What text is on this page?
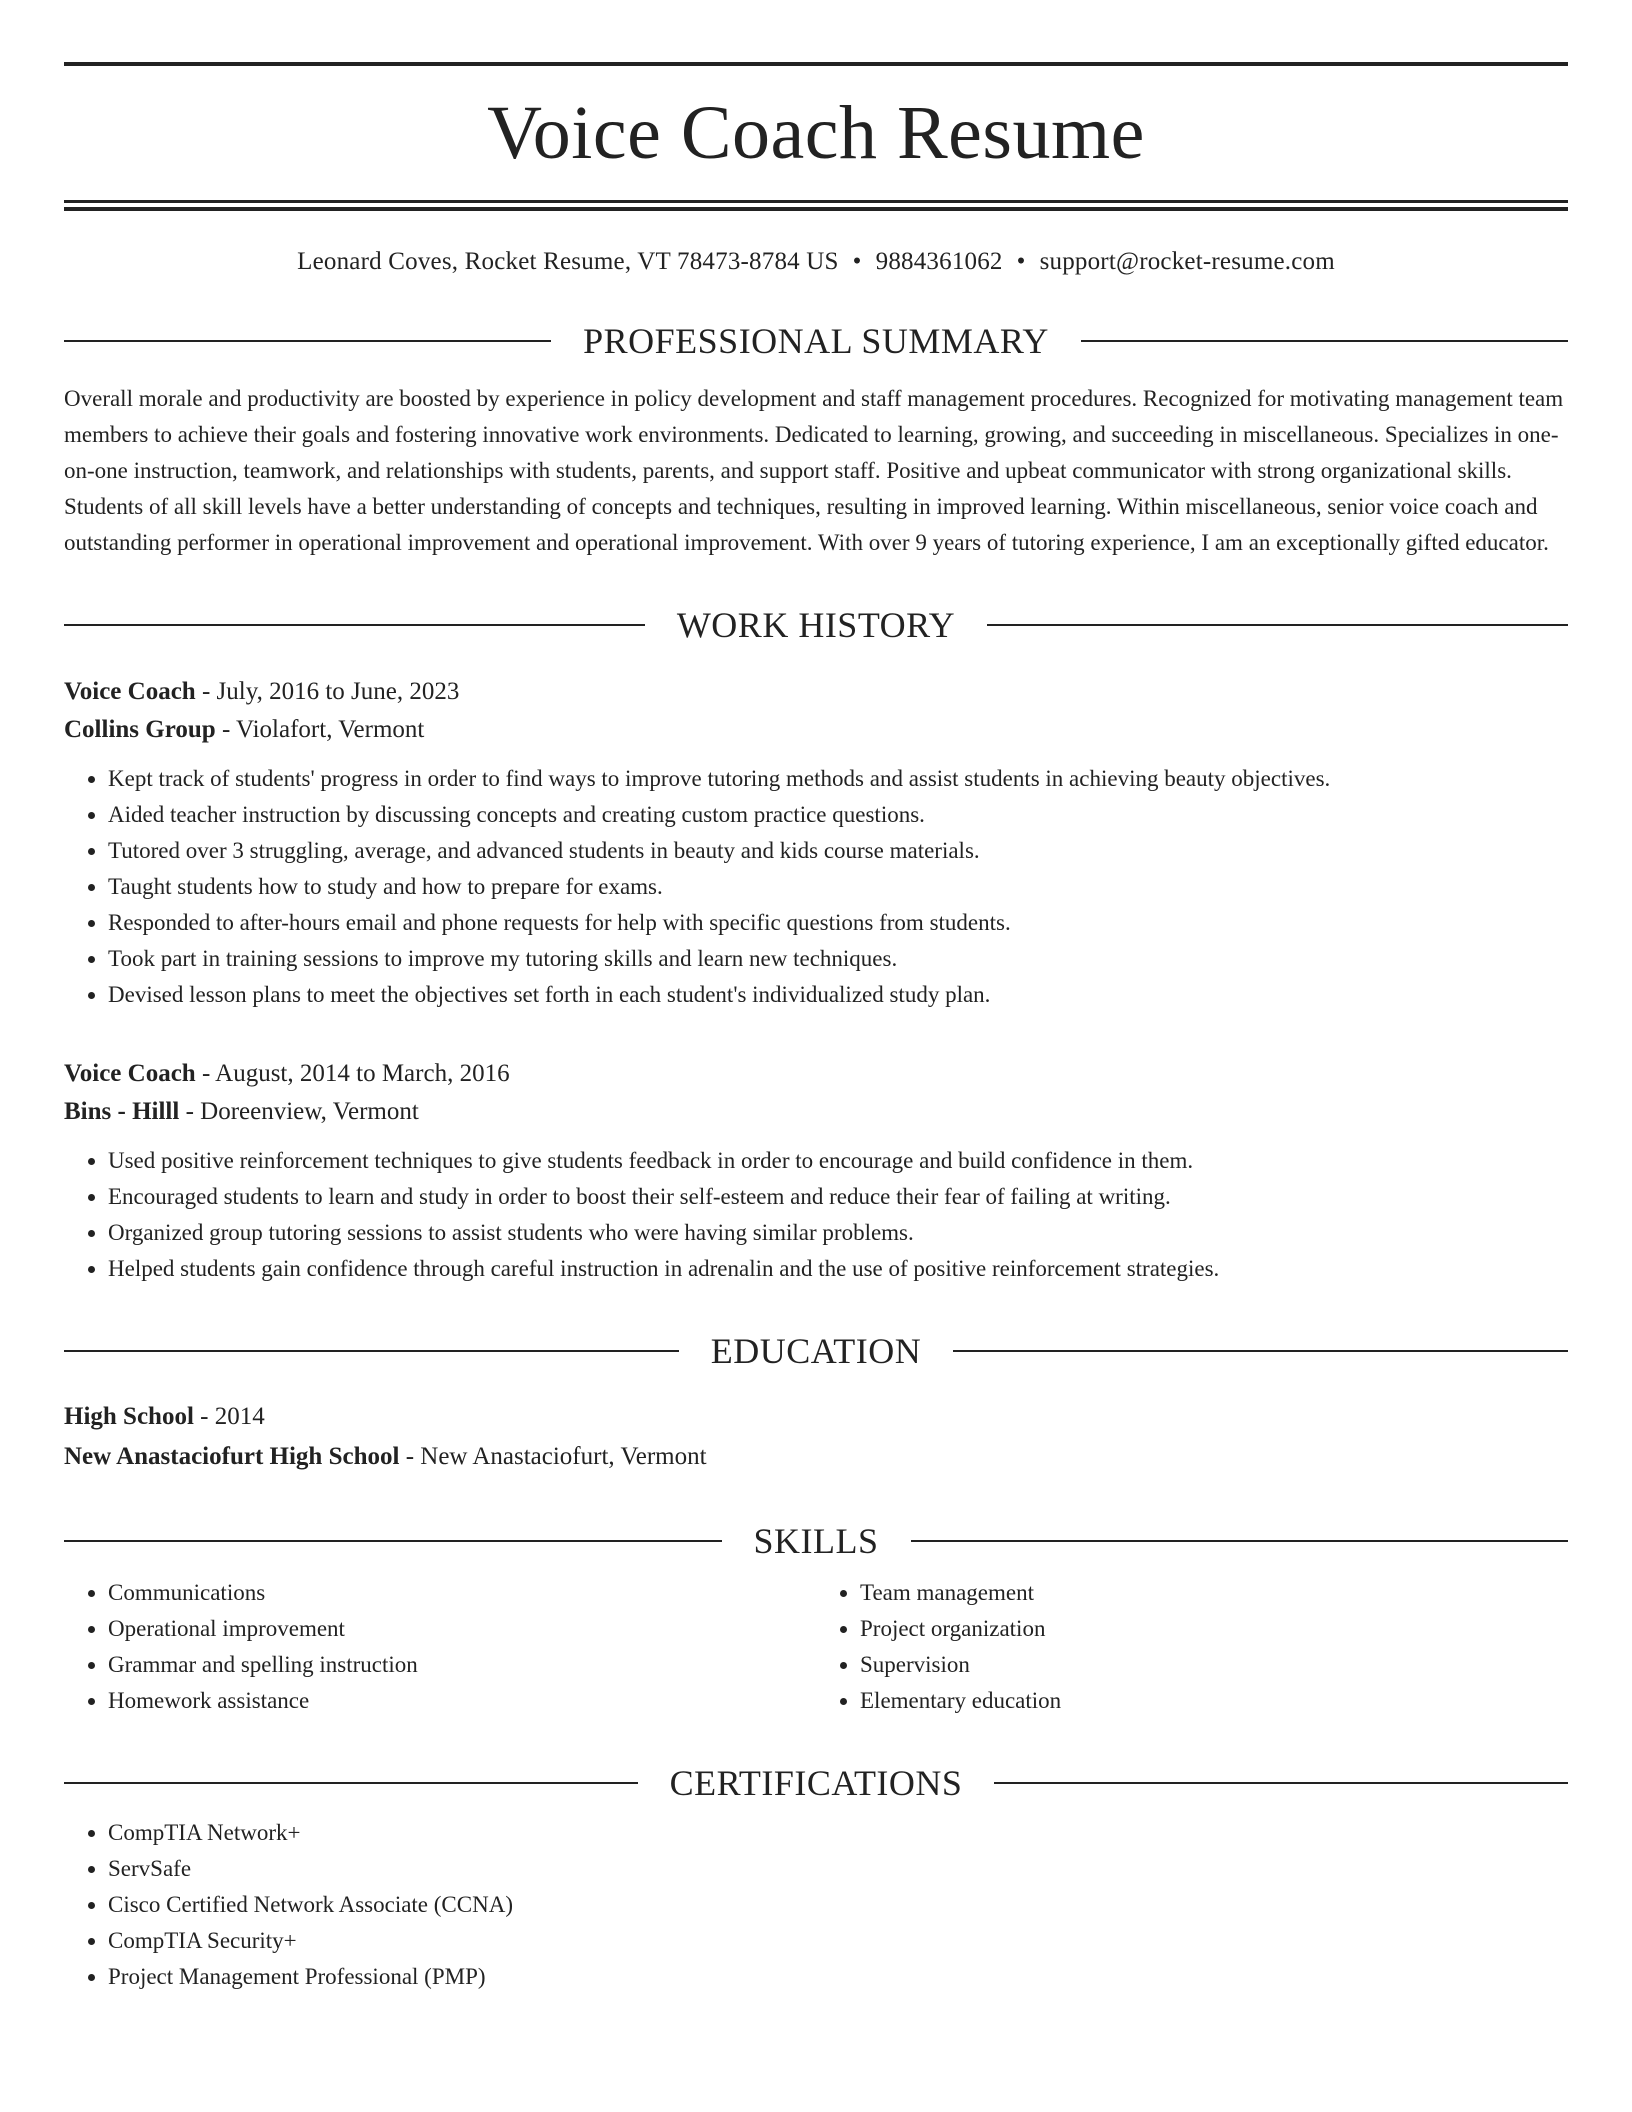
Voice Coach Resume
Leonard Coves, Rocket Resume, VT 78473-8784 US • 9884361062 • support@rocket-resume.com
PROFESSIONAL SUMMARY
Overall morale and productivity are boosted by experience in policy development and staff management procedures. Recognized for motivating management team members to achieve their goals and fostering innovative work environments. Dedicated to learning, growing, and succeeding in miscellaneous. Specializes in one-on-one instruction, teamwork, and relationships with students, parents, and support staff. Positive and upbeat communicator with strong organizational skills. Students of all skill levels have a better understanding of concepts and techniques, resulting in improved learning. Within miscellaneous, senior voice coach and outstanding performer in operational improvement and operational improvement. With over 9 years of tutoring experience, I am an exceptionally gifted educator.
WORK HISTORY
Voice Coach - July, 2016 to June, 2023
Collins Group - Violafort, Vermont
• Kept track of students' progress in order to find ways to improve tutoring methods and assist students in achieving beauty objectives.
• Aided teacher instruction by discussing concepts and creating custom practice questions.
• Tutored over 3 struggling, average, and advanced students in beauty and kids course materials.
• Taught students how to study and how to prepare for exams.
• Responded to after-hours email and phone requests for help with specific questions from students.
• Took part in training sessions to improve my tutoring skills and learn new techniques.
• Devised lesson plans to meet the objectives set forth in each student's individualized study plan.
Voice Coach - August, 2014 to March, 2016
Bins - Hilll - Doreenview, Vermont
• Used positive reinforcement techniques to give students feedback in order to encourage and build confidence in them.
• Encouraged students to learn and study in order to boost their self-esteem and reduce their fear of failing at writing.
• Organized group tutoring sessions to assist students who were having similar problems.
• Helped students gain confidence through careful instruction in adrenalin and the use of positive reinforcement strategies.
EDUCATION
High School - 2014
New Anastaciofurt High School - New Anastaciofurt, Vermont
SKILLS
• Communications
• Operational improvement
• Grammar and spelling instruction
• Homework assistance
• Team management
• Project organization
• Supervision
• Elementary education
CERTIFICATIONS
• CompTIA Network+
• ServSafe
• Cisco Certified Network Associate (CCNA)
• CompTIA Security+
• Project Management Professional (PMP)
